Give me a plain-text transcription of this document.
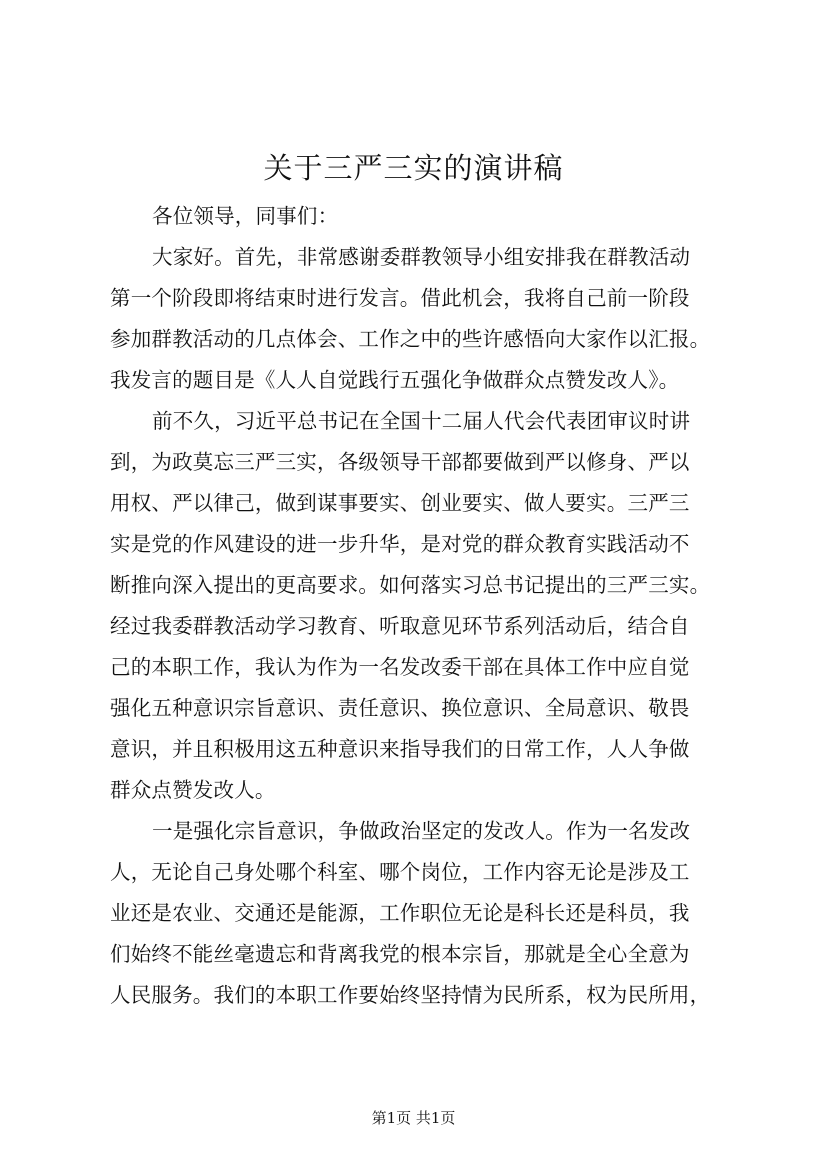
关于三严三实的演讲稿
各位领导，同事们：
大家好。首先，非常感谢委群教领导小组安排我在群教活动
第一个阶段即将结束时进行发言。借此机会，我将自己前一阶段
参加群教活动的几点体会、工作之中的些许感悟向大家作以汇报。
我发言的题目是《人人自觉践行五强化争做群众点赞发改人》。
前不久，习近平总书记在全国十二届人代会代表团审议时讲
到，为政莫忘三严三实，各级领导干部都要做到严以修身、严以
用权、严以律己，做到谋事要实、创业要实、做人要实。三严三
实是党的作风建设的进一步升华，是对党的群众教育实践活动不
断推向深入提出的更高要求。如何落实习总书记提出的三严三实。
经过我委群教活动学习教育、听取意见环节系列活动后，结合自
己的本职工作，我认为作为一名发改委干部在具体工作中应自觉
强化五种意识宗旨意识、责任意识、换位意识、全局意识、敬畏
意识，并且积极用这五种意识来指导我们的日常工作，人人争做
群众点赞发改人。
一是强化宗旨意识，争做政治坚定的发改人。作为一名发改
人，无论自己身处哪个科室、哪个岗位，工作内容无论是涉及工
业还是农业、交通还是能源，工作职位无论是科长还是科员，我
们始终不能丝毫遗忘和背离我党的根本宗旨，那就是全心全意为
人民服务。我们的本职工作要始终坚持情为民所系，权为民所用，
第1页 共1页
